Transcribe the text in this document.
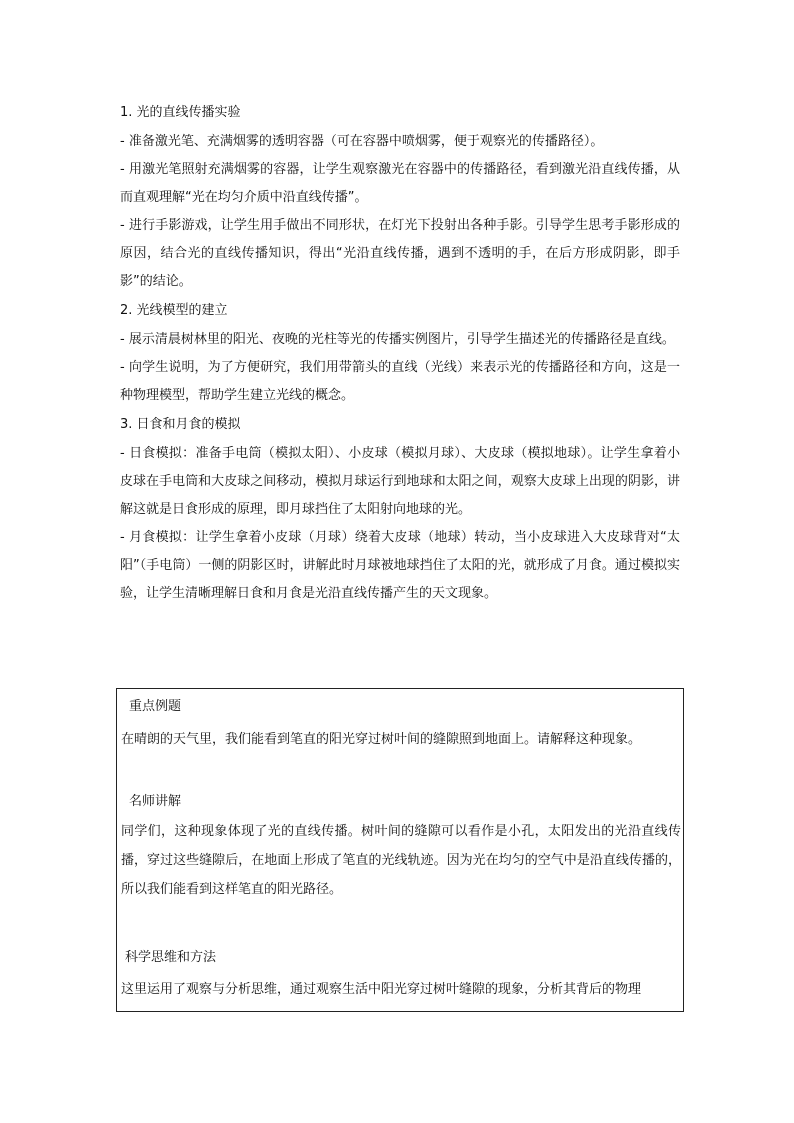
1. 光的直线传播实验

- 准备激光笔、充满烟雾的透明容器（可在容器中喷烟雾，便于观察光的传播路径）。

- 用激光笔照射充满烟雾的容器，让学生观察激光在容器中的传播路径，看到激光沿直线传播，从而直观理解“光在均匀介质中沿直线传播”。

- 进行手影游戏，让学生用手做出不同形状，在灯光下投射出各种手影。引导学生思考手影形成的原因，结合光的直线传播知识，得出“光沿直线传播，遇到不透明的手，在后方形成阴影，即手影”的结论。

2. 光线模型的建立

- 展示清晨树林里的阳光、夜晚的光柱等光的传播实例图片，引导学生描述光的传播路径是直线。

- 向学生说明，为了方便研究，我们用带箭头的直线（光线）来表示光的传播路径和方向，这是一种物理模型，帮助学生建立光线的概念。

3. 日食和月食的模拟

- 日食模拟：准备手电筒（模拟太阳）、小皮球（模拟月球）、大皮球（模拟地球）。让学生拿着小皮球在手电筒和大皮球之间移动，模拟月球运行到地球和太阳之间，观察大皮球上出现的阴影，讲解这就是日食形成的原理，即月球挡住了太阳射向地球的光。

- 月食模拟：让学生拿着小皮球（月球）绕着大皮球（地球）转动，当小皮球进入大皮球背对“太阳”（手电筒）一侧的阴影区时，讲解此时月球被地球挡住了太阳的光，就形成了月食。通过模拟实验，让学生清晰理解日食和月食是光沿直线传播产生的天文现象。

重点例题
在晴朗的天气里，我们能看到笔直的阳光穿过树叶间的缝隙照到地面上。请解释这种现象。
名师讲解
同学们，这种现象体现了光的直线传播。树叶间的缝隙可以看作是小孔，太阳发出的光沿直线传播，穿过这些缝隙后，在地面上形成了笔直的光线轨迹。因为光在均匀的空气中是沿直线传播的，所以我们能看到这样笔直的阳光路径。
科学思维和方法
这里运用了观察与分析思维，通过观察生活中阳光穿过树叶缝隙的现象，分析其背后的物理
